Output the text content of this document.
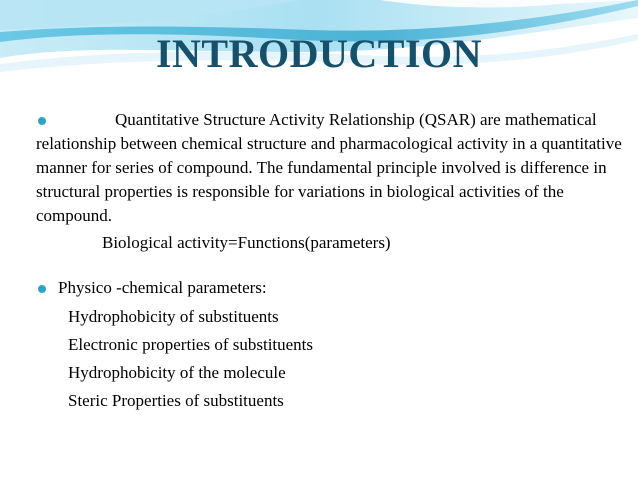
INTRODUCTION

Quantitative Structure Activity Relationship (QSAR) are mathematical relationship between chemical structure and pharmacological activity in a quantitative manner for series of compound. The fundamental principle involved is difference in structural properties is responsible for variations in biological activities of the compound.

Biological activity=Functions(parameters)

Physico -chemical parameters:
Hydrophobicity of substituents
Electronic properties of substituents
Hydrophobicity of the molecule
Steric Properties of substituents
